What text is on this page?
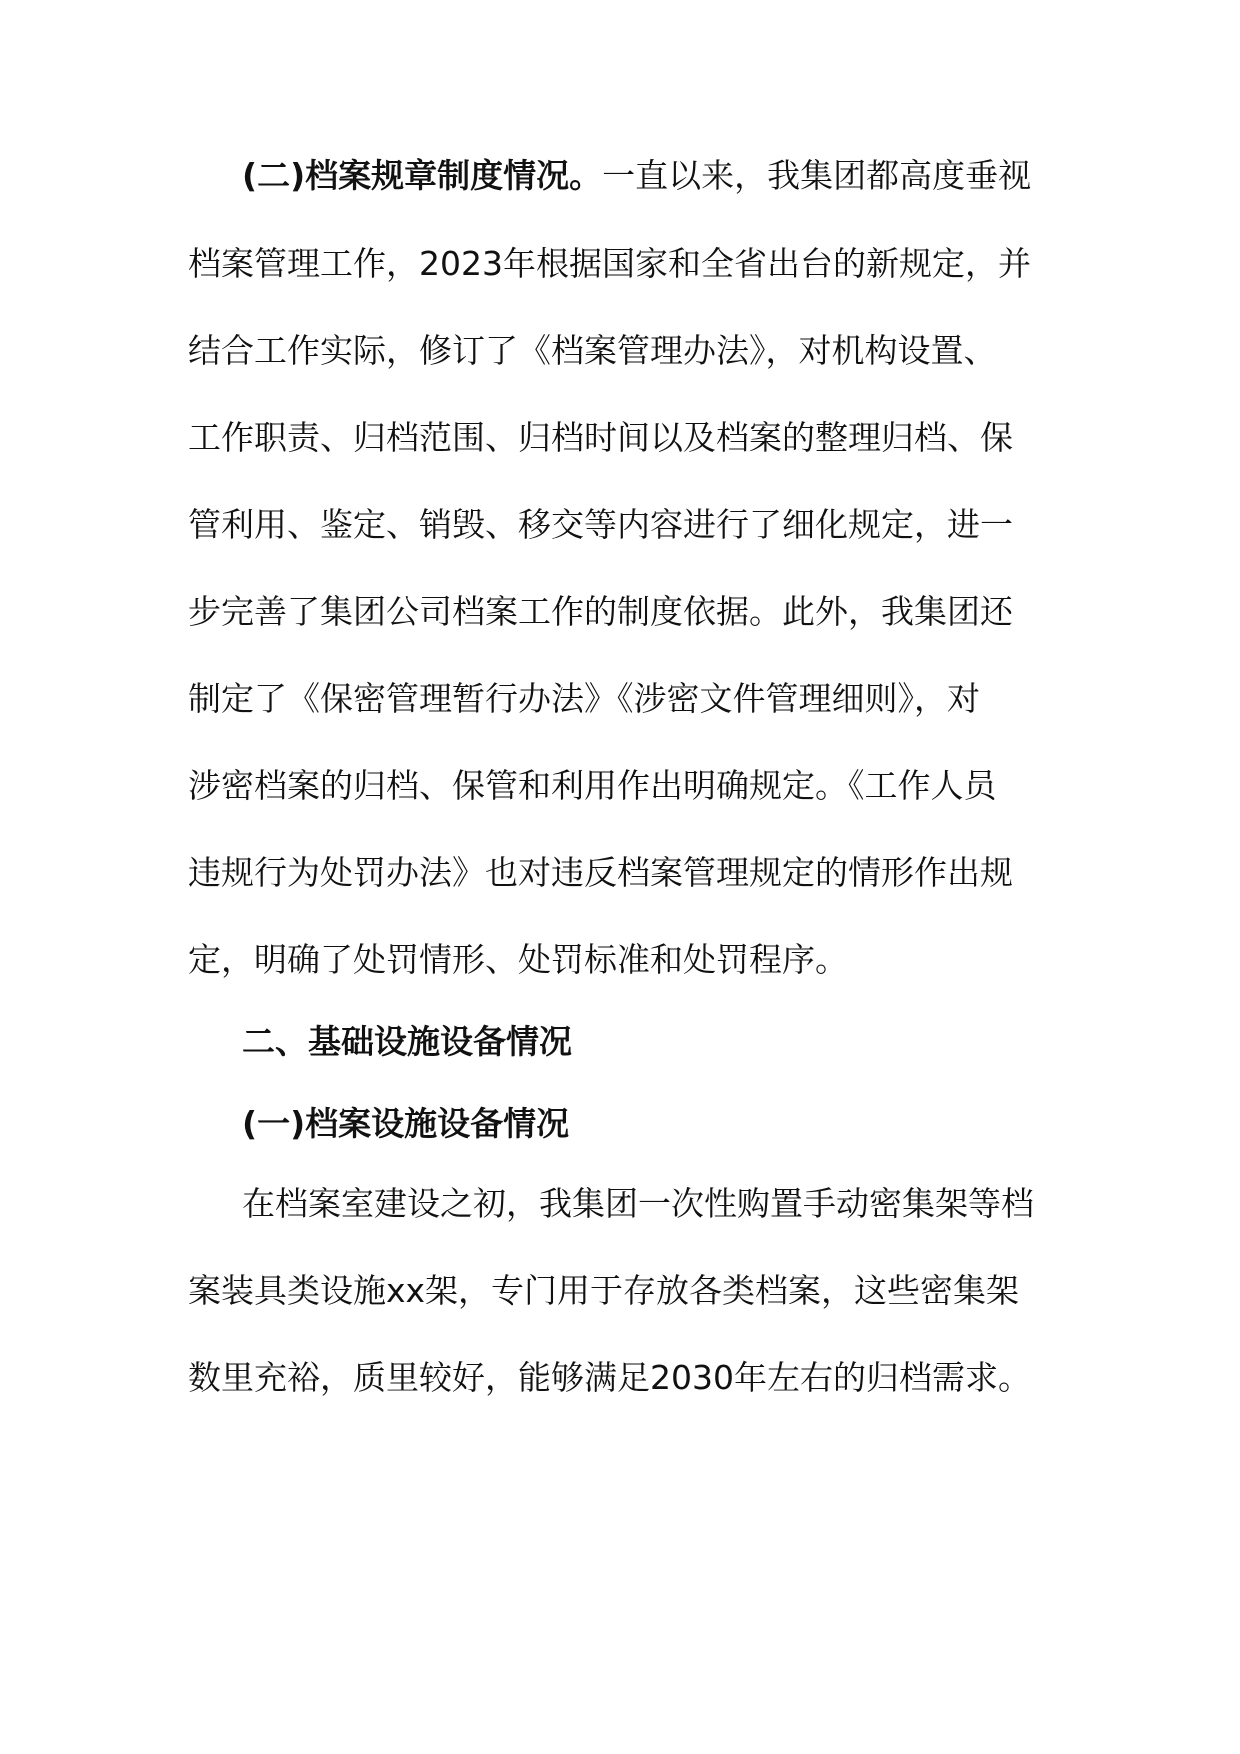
(二)档案规章制度情况。一直以来，我集团都高度垂视
档案管理工作，2023年根据国家和全省出台的新规定，并
结合工作实际，修订了《档案管理办法》，对机构设置、
工作职责、归档范围、归档时间以及档案的整理归档、保
管利用、鉴定、销毁、移交等内容进行了细化规定，进一
步完善了集团公司档案工作的制度依据。此外，我集团还
制定了《保密管理暂行办法》《涉密文件管理细则》，对
涉密档案的归档、保管和利用作出明确规定。《工作人员
违规行为处罚办法》也对违反档案管理规定的情形作出规
定，明确了处罚情形、处罚标准和处罚程序。
二、基础设施设备情况
(一)档案设施设备情况
在档案室建设之初，我集团一次性购置手动密集架等档
案装具类设施xx架，专门用于存放各类档案，这些密集架
数里充裕，质里较好，能够满足2030年左右的归档需求。
